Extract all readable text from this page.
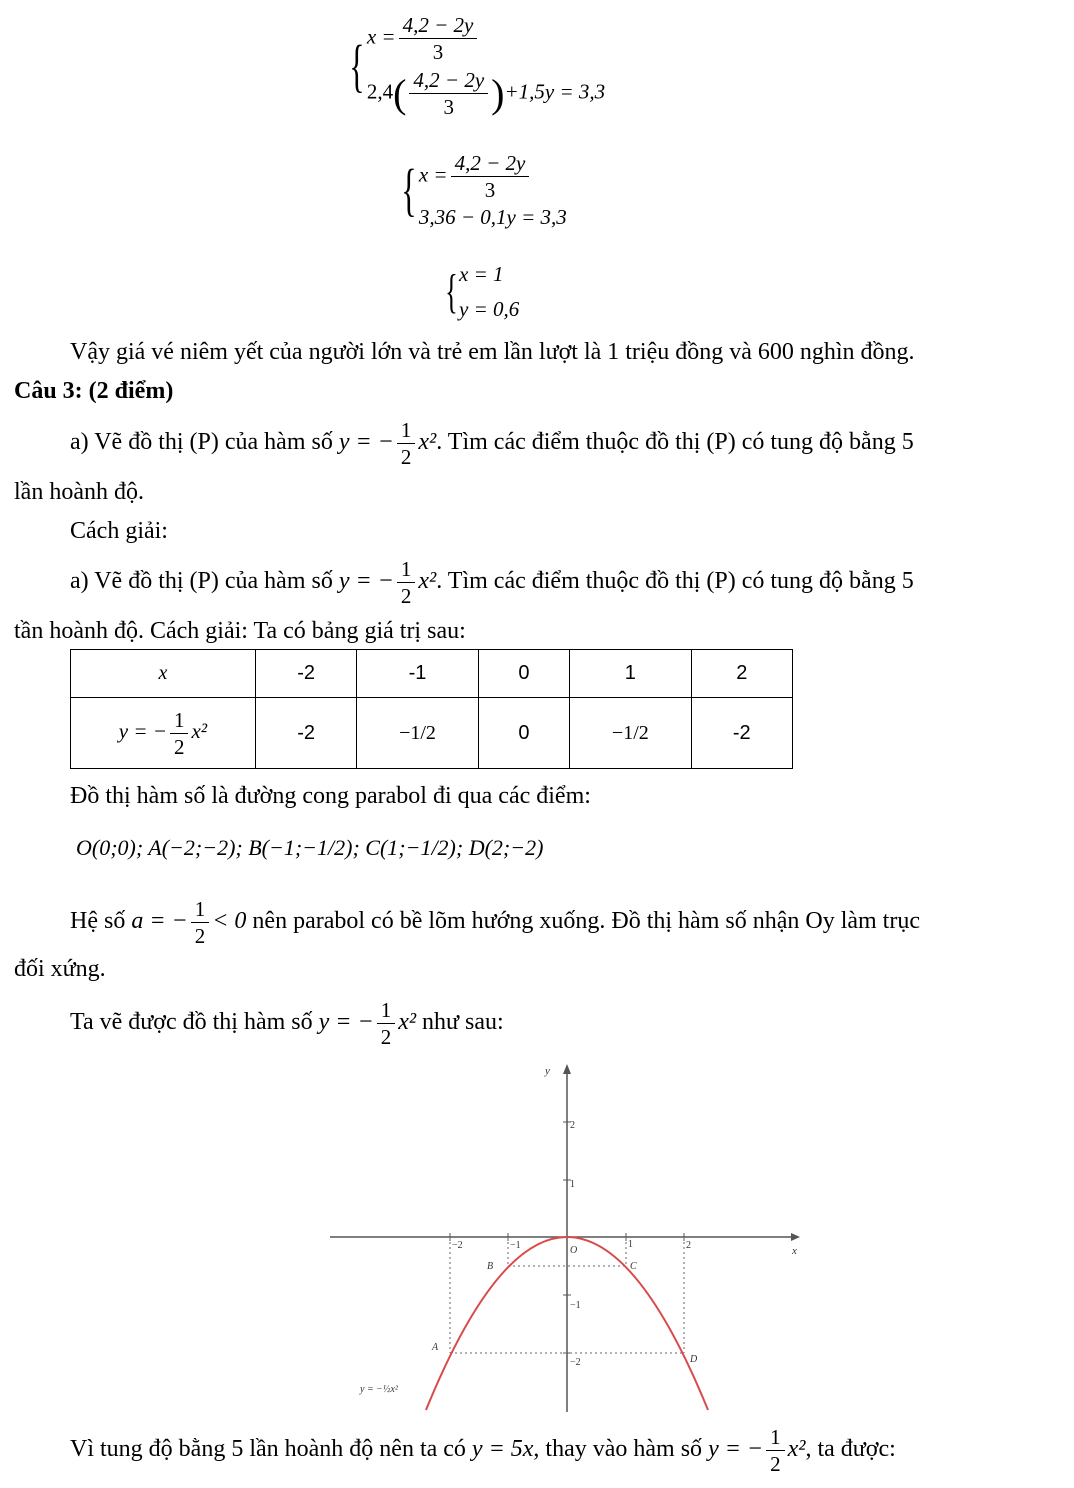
{ $x = \frac{4,2 - 2y}{3}$
$2,4( \frac{4,2 - 2y}{3} )+1,5y = 3,3$
{ $x = \frac{4,2 - 2y}{3}$
3,36 − 0,1y = 3,3
{ x = 1
y = 0,6
Vậy giá vé niêm yết của người lớn và trẻ em lần lượt là 1 triệu đồng và 600 nghìn đồng.
Câu 3: (2 điểm)
a) Vẽ đồ thị (P) của hàm số y = − $\frac{1}{2} x^2$. Tìm các điểm thuộc đồ thị (P) có tung độ bằng 5
lần hoành độ.
Cách giải:
a) Vẽ đồ thị (P) của hàm số y = − $\frac{1}{2} x^2$. Tìm các điểm thuộc đồ thị (P) có tung độ bằng 5
tần hoành độ. Cách giải: Ta có bảng giá trị sau:
x	-2	-1	0	1	2
y = − $\frac{1}{2} x^2$	-2	−1/2	0	−1/2	-2
Đồ thị hàm số là đường cong parabol đi qua các điểm:
O(0;0); A(−2;−2); B(−1;−1/2); C(1;−1/2); D(2;−2)
Hệ số a = − $\frac{1}{2} < 0$ nên parabol có bề lõm hướng xuống. Đồ thị hàm số nhận Oy làm trục
đối xứng.
Ta vẽ được đồ thị hàm số y = − $\frac{1}{2} x^2$ như sau:
y
x
2
1
−1
−2
−2	−1	1	2
O
A
B	C
D
y = −½x²
Vì tung độ bằng 5 lần hoành độ nên ta có y = 5x, thay vào hàm số y = − $\frac{1}{2} x^2$, ta được:
